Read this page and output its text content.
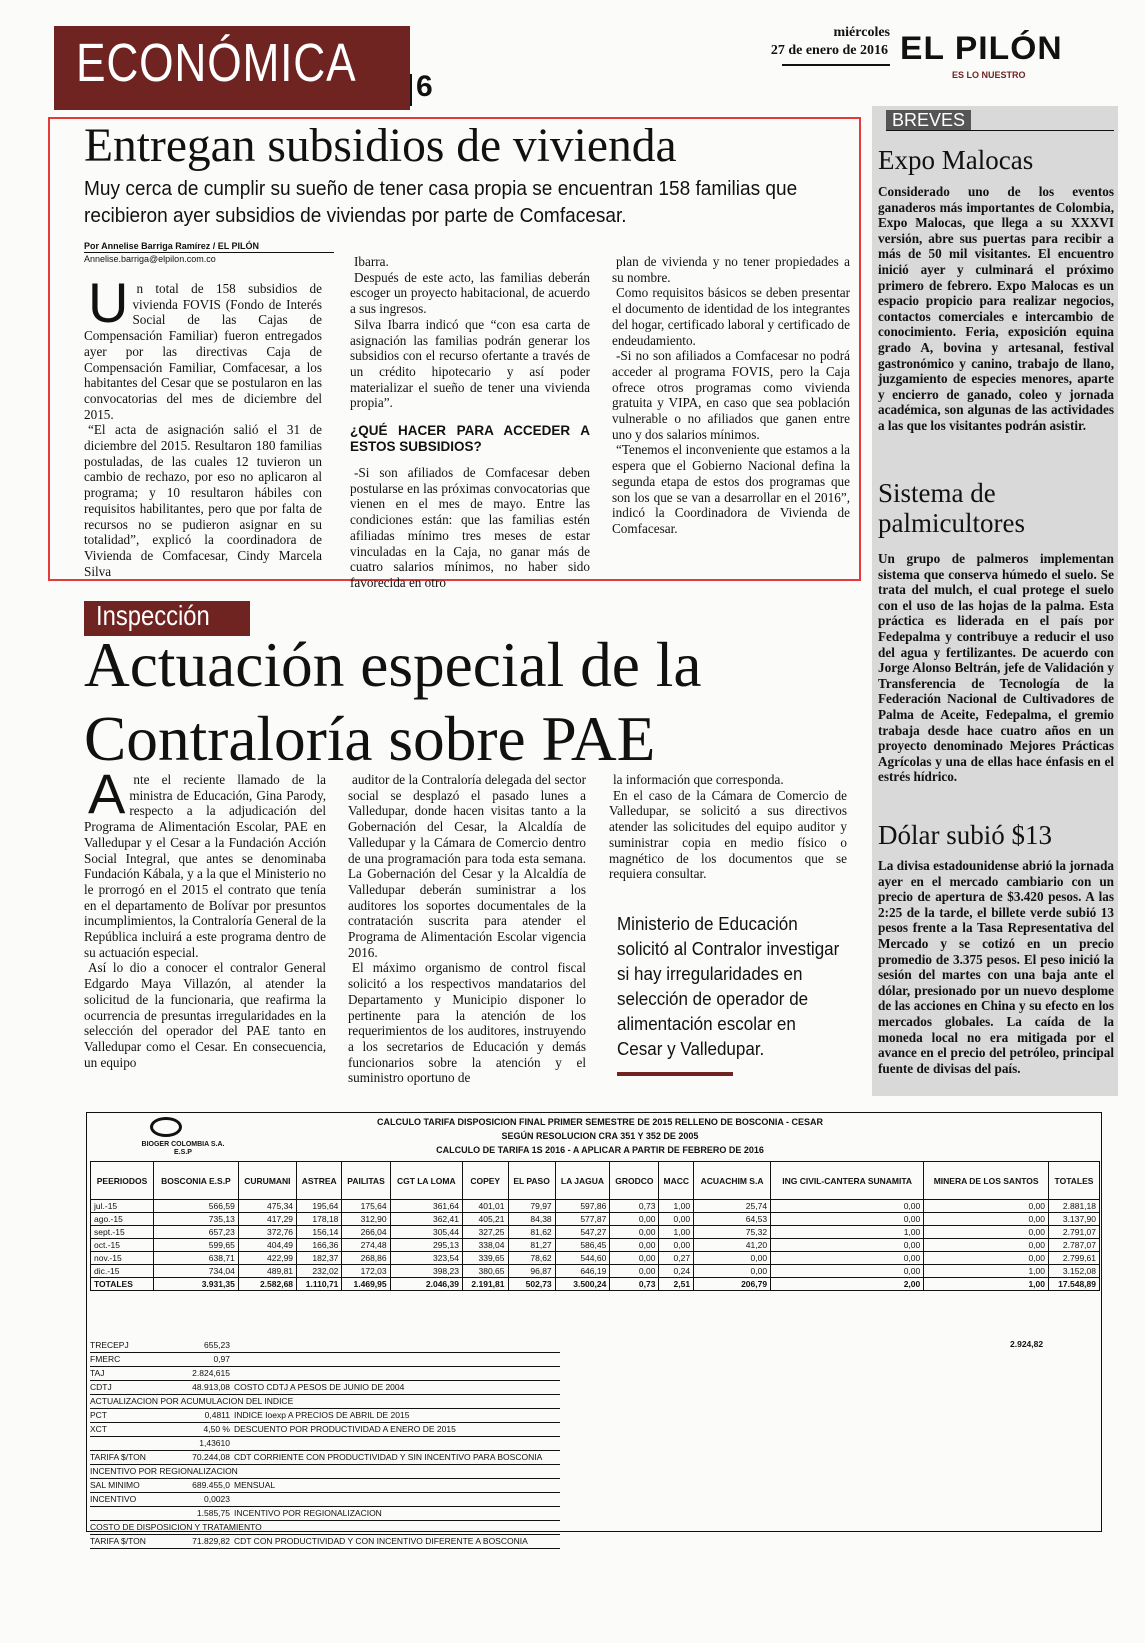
ECONÓMICA 6
miércoles
27 de enero de 2016 EL PILÓN
ES LO NUESTRO
Entregan subsidios de vivienda
Muy cerca de cumplir su sueño de tener casa propia se encuentran 158 familias que recibieron ayer subsidios de viviendas por parte de Comfacesar.
Por Annelise Barriga Ramírez / EL PILÓN
Annelise.barriga@elpilon.com.co

Un total de 158 subsidios de vivienda FOVIS (Fondo de Interés Social de las Cajas de Compensación Familiar) fueron entregados ayer por las directivas Caja de Compensación Familiar, Comfacesar, a los habitantes del Cesar que se postularon en las convocatorias del mes de diciembre del 2015.

“El acta de asignación salió el 31 de diciembre del 2015. Resultaron 180 familias postuladas, de las cuales 12 tuvieron un cambio de rechazo, por eso no aplicaron al programa; y 10 resultaron hábiles con requisitos habilitantes, pero que por falta de recursos no se pudieron asignar en su totalidad”, explicó la coordinadora de Vivienda de Comfacesar, Cindy Marcela Silva

Ibarra.

Después de este acto, las familias deberán escoger un proyecto habitacional, de acuerdo a sus ingresos.

Silva Ibarra indicó que “con esa carta de asignación las familias podrán generar los subsidios con el recurso ofertante a través de un crédito hipotecario y así poder materializar el sueño de tener una vivienda propia”.

¿QUÉ HACER PARA ACCEDER A ESTOS SUBSIDIOS?

-Si son afiliados de Comfacesar deben postularse en las próximas convocatorias que vienen en el mes de mayo. Entre las condiciones están: que las familias estén afiliadas mínimo tres meses de estar vinculadas en la Caja, no ganar más de cuatro salarios mínimos, no haber sido favorecida en otro

plan de vivienda y no tener propiedades a su nombre.

Como requisitos básicos se deben presentar el documento de identidad de los integrantes del hogar, certificado laboral y certificado de endeudamiento.

-Si no son afiliados a Comfacesar no podrá acceder al programa FOVIS, pero la Caja ofrece otros programas como vivienda gratuita y VIPA, en caso que sea población vulnerable o no afiliados que ganen entre uno y dos salarios mínimos.

“Tenemos el inconveniente que estamos a la espera que el Gobierno Nacional defina la segunda etapa de estos dos programas que son los que se van a desarrollar en el 2016”, indicó la Coordinadora de Vivienda de Comfacesar.

Inspección
Actuación especial de la Contraloría sobre PAE

Ante el reciente llamado de la ministra de Educación, Gina Parody, respecto a la adjudicación del Programa de Alimentación Escolar, PAE en Valledupar y el Cesar a la Fundación Acción Social Integral, que antes se denominaba Fundación Kábala, y a la que el Ministerio no le prorrogó en el 2015 el contrato que tenía en el departamento de Bolívar por presuntos incumplimientos, la Contraloría General de la República incluirá a este programa dentro de su actuación especial.

Así lo dio a conocer el contralor General Edgardo Maya Villazón, al atender la solicitud de la funcionaria, que reafirma la ocurrencia de presuntas irregularidades en la selección del operador del PAE tanto en Valledupar como el Cesar. En consecuencia, un equipo

auditor de la Contraloría delegada del sector social se desplazó el pasado lunes a Valledupar, donde hacen visitas tanto a la Gobernación del Cesar, la Alcaldía de Valledupar y la Cámara de Comercio dentro de una programación para toda esta semana. La Gobernación del Cesar y la Alcaldía de Valledupar deberán suministrar a los auditores los soportes documentales de la contratación suscrita para atender el Programa de Alimentación Escolar vigencia 2016.

El máximo organismo de control fiscal solicitó a los respectivos mandatarios del Departamento y Municipio disponer lo pertinente para la atención de los requerimientos de los auditores, instruyendo a los secretarios de Educación y demás funcionarios sobre la atención y el suministro oportuno de

la información que corresponda.

En el caso de la Cámara de Comercio de Valledupar, se solicitó a sus directivos atender las solicitudes del equipo auditor y suministrar copia en medio físico o magnético de los documentos que se requiera consultar.

Ministerio de Educación solicitó al Contralor investigar si hay irregularidades en selección de operador de alimentación escolar en Cesar y Valledupar.
BREVES
Expo Malocas
Considerado uno de los eventos ganaderos más importantes de Colombia, Expo Malocas, que llega a su XXXVI versión, abre sus puertas para recibir a más de 50 mil visitantes. El encuentro inició ayer y culminará el próximo primero de febrero. Expo Malocas es un espacio propicio para realizar negocios, contactos comerciales e intercambio de conocimiento. Feria, exposición equina grado A, bovina y artesanal, festival gastronómico y canino, trabajo de llano, juzgamiento de especies menores, aparte y encierro de ganado, coleo y jornada académica, son algunas de las actividades a las que los visitantes podrán asistir.
Sistema de palmicultores
Un grupo de palmeros implementan sistema que conserva húmedo el suelo. Se trata del mulch, el cual protege el suelo con el uso de las hojas de la palma. Esta práctica es liderada en el país por Fedepalma y contribuye a reducir el uso del agua y fertilizantes. De acuerdo con Jorge Alonso Beltrán, jefe de Validación y Transferencia de Tecnología de la Federación Nacional de Cultivadores de Palma de Aceite, Fedepalma, el gremio trabaja desde hace cuatro años en un proyecto denominado Mejores Prácticas Agrícolas y una de ellas hace énfasis en el estrés hídrico.
Dólar subió $13
La divisa estadounidense abrió la jornada ayer en el mercado cambiario con un precio de apertura de $3.420 pesos. A las 2:25 de la tarde, el billete verde subió 13 pesos frente a la Tasa Representativa del Mercado y se cotizó en un precio promedio de 3.375 pesos. El peso inició la sesión del martes con una baja ante el dólar, presionado por un nuevo desplome de las acciones en China y su efecto en los mercados globales. La caída de la moneda local no era mitigada por el avance en el precio del petróleo, principal fuente de divisas del país.
BIOGER COLOMBIA S.A. E.S.P
CALCULO TARIFA DISPOSICION FINAL PRIMER SEMESTRE DE 2015 RELLENO DE BOSCONIA - CESAR
SEGÚN RESOLUCION CRA 351 Y 352 DE 2005
CALCULO DE TARIFA 1S 2016 - A APLICAR A PARTIR DE FEBRERO DE 2016
PEERIODOS	BOSCONIA E.S.P	CURUMANI	ASTREA	PAILITAS	CGT LA LOMA	COPEY	EL PASO	LA JAGUA	GRODCO	MACC	ACUACHIM S.A	ING CIVIL-CANTERA SUNAMITA	MINERA DE LOS SANTOS	TOTALES
jul.-15	566,59	475,34	195,64	175,64	361,64	401,01	79,97	597,86	0,73	1,00	25,74	0,00	0,00	2.881,18
ago.-15	735,13	417,29	178,18	312,90	362,41	405,21	84,38	577,87	0,00	0,00	64,53	0,00	0,00	3.137,90
sept.-15	657,23	372,76	156,14	266,04	305,44	327,25	81,62	547,27	0,00	1,00	75,32	1,00	0,00	2.791,07
oct.-15	599,65	404,49	166,36	274,48	295,13	338,04	81,27	586,45	0,00	0,00	41,20	0,00	0,00	2.787,07
nov.-15	638,71	422,99	182,37	268,86	323,54	339,65	78,62	544,60	0,00	0,27	0,00	0,00	0,00	2.799,61
dic.-15	734,04	489,81	232,02	172,03	398,23	380,65	96,87	646,19	0,00	0,24	0,00	0,00	1,00	3.152,08
TOTALES	3.931,35	2.582,68	1.110,71	1.469,95	2.046,39	2.191,81	502,73	3.500,24	0,73	2,51	206,79	2,00	1,00	17.548,89
TRECEPJ	655,23
FMERC	0,97
TAJ	2.824,615
CDTJ	48.913,08 COSTO CDTJ A PESOS DE JUNIO DE 2004
ACTUALIZACION POR ACUMULACION DEL INDICE
PCT	0,4811 INDICE Ioexp A PRECIOS DE ABRIL DE 2015
XCT	4,50 % DESCUENTO POR PRODUCTIVIDAD A ENERO DE 2015
1,43610
TARIFA $/TON	70.244,08 CDT CORRIENTE CON PRODUCTIVIDAD Y SIN INCENTIVO PARA BOSCONIA
INCENTIVO POR REGIONALIZACION
SAL MINIMO	689.455,0 MENSUAL
INCENTIVO	0,0023
1.585,75 INCENTIVO POR REGIONALIZACION
COSTO DE DISPOSICION Y TRATAMIENTO
TARIFA $/TON	71.829,82 CDT CON PRODUCTIVIDAD Y CON INCENTIVO DIFERENTE A BOSCONIA
2.924,82
